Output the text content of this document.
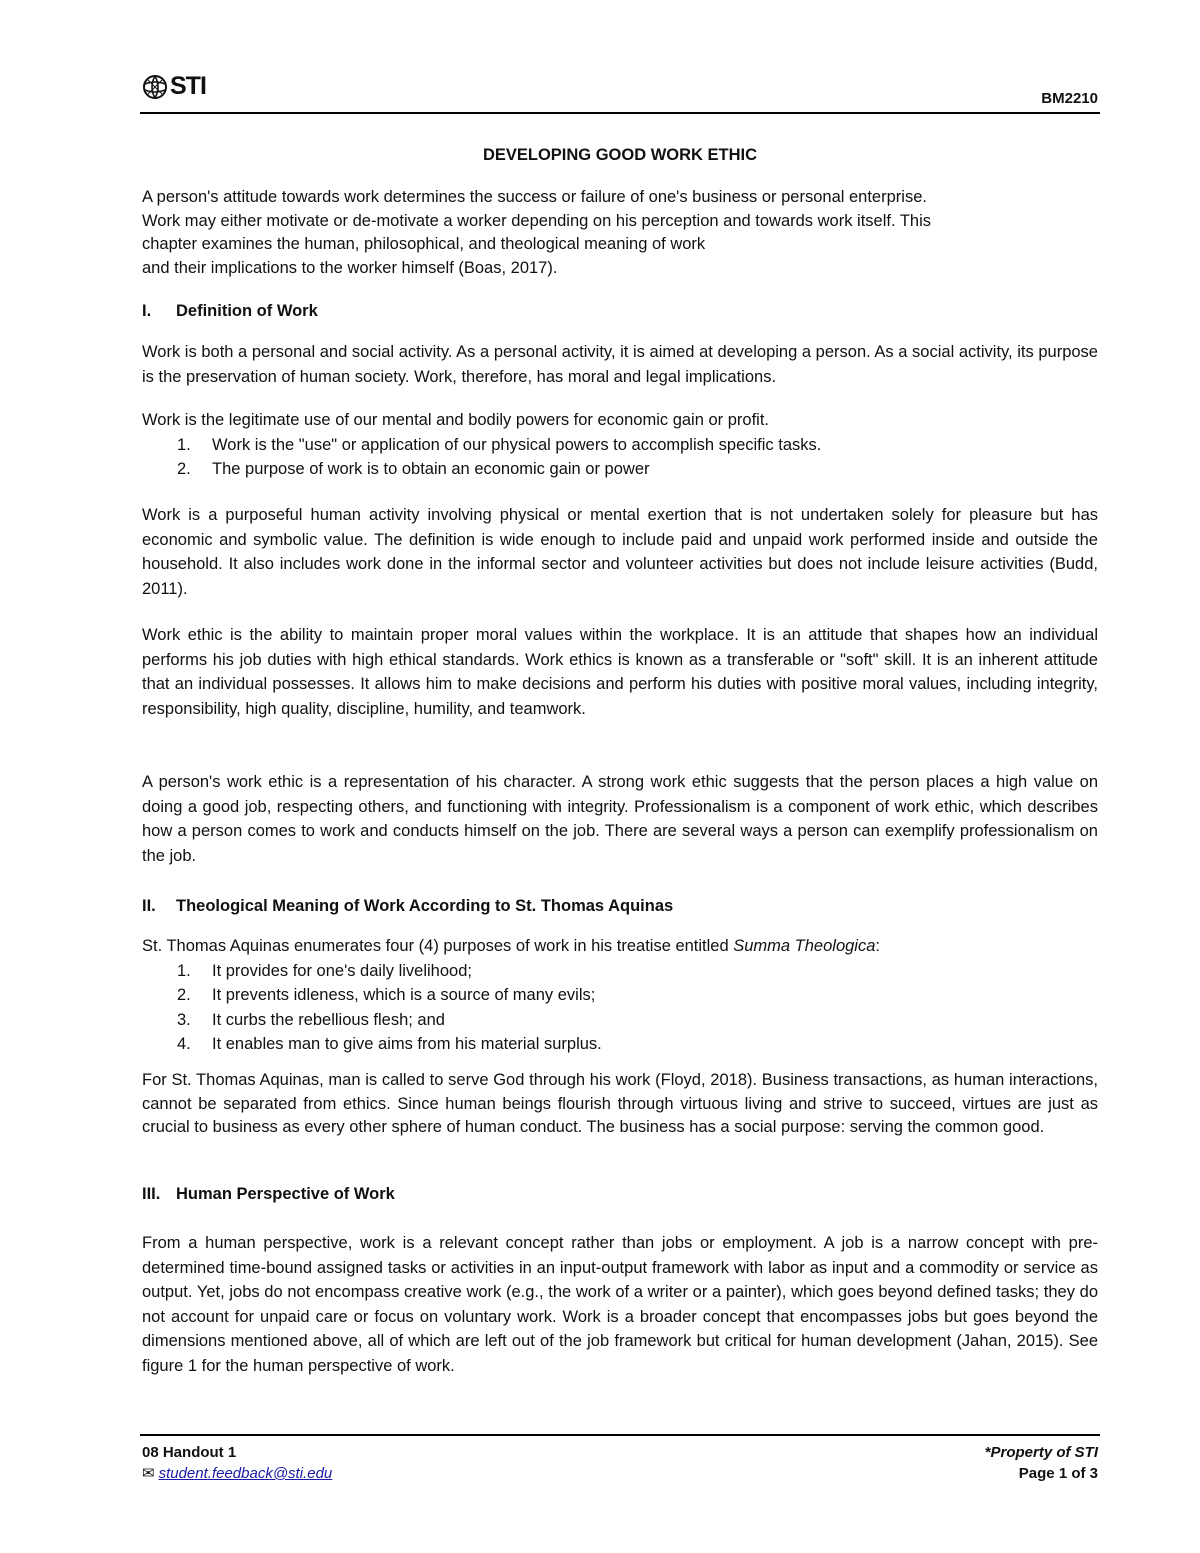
STI	BM2210
DEVELOPING GOOD WORK ETHIC

A person's attitude towards work determines the success or failure of one's business or personal enterprise.

Work may either motivate or de-motivate a worker depending on his perception and towards work itself. This

chapter examines the human, philosophical, and theological meaning of work

and their implications to the worker himself (Boas, 2017).

I.	Definition of Work

Work is both a personal and social activity. As a personal activity, it is aimed at developing a person. As a social activity, its purpose is the preservation of human society. Work, therefore, has moral and legal implications.

Work is the legitimate use of our mental and bodily powers for economic gain or profit.

1.	Work is the "use" or application of our physical powers to accomplish specific tasks.
2.	The purpose of work is to obtain an economic gain or power

Work is a purposeful human activity involving physical or mental exertion that is not undertaken solely for pleasure but has economic and symbolic value. The definition is wide enough to include paid and unpaid work performed inside and outside the household. It also includes work done in the informal sector and volunteer activities but does not include leisure activities (Budd, 2011).

Work ethic is the ability to maintain proper moral values within the workplace. It is an attitude that shapes how an individual performs his job duties with high ethical standards. Work ethics is known as a transferable or "soft" skill. It is an inherent attitude that an individual possesses. It allows him to make decisions and perform his duties with positive moral values, including integrity, responsibility, high quality, discipline, humility, and teamwork.

A person's work ethic is a representation of his character. A strong work ethic suggests that the person places a high value on doing a good job, respecting others, and functioning with integrity. Professionalism is a component of work ethic, which describes how a person comes to work and conducts himself on the job. There are several ways a person can exemplify professionalism on the job.

II.	Theological Meaning of Work According to St. Thomas Aquinas

St. Thomas Aquinas enumerates four (4) purposes of work in his treatise entitled Summa Theologica:

1.	It provides for one's daily livelihood;
2.	It prevents idleness, which is a source of many evils;
3.	It curbs the rebellious flesh; and
4.	It enables man to give aims from his material surplus.

For St. Thomas Aquinas, man is called to serve God through his work (Floyd, 2018). Business transactions, as human interactions, cannot be separated from ethics. Since human beings flourish through virtuous living and strive to succeed, virtues are just as crucial to business as every other sphere of human conduct. The business has a social purpose: serving the common good.

III. Human Perspective of Work

From a human perspective, work is a relevant concept rather than jobs or employment. A job is a narrow concept with pre-determined time-bound assigned tasks or activities in an input-output framework with labor as input and a commodity or service as output. Yet, jobs do not encompass creative work (e.g., the work of a writer or a painter), which goes beyond defined tasks; they do not account for unpaid care or focus on voluntary work. Work is a broader concept that encompasses jobs but goes beyond the dimensions mentioned above, all of which are left out of the job framework but critical for human development (Jahan, 2015). See figure 1 for the human perspective of work.

08 Handout 1
✉ student.feedback@sti.edu
*Property of STI
Page 1 of 3
